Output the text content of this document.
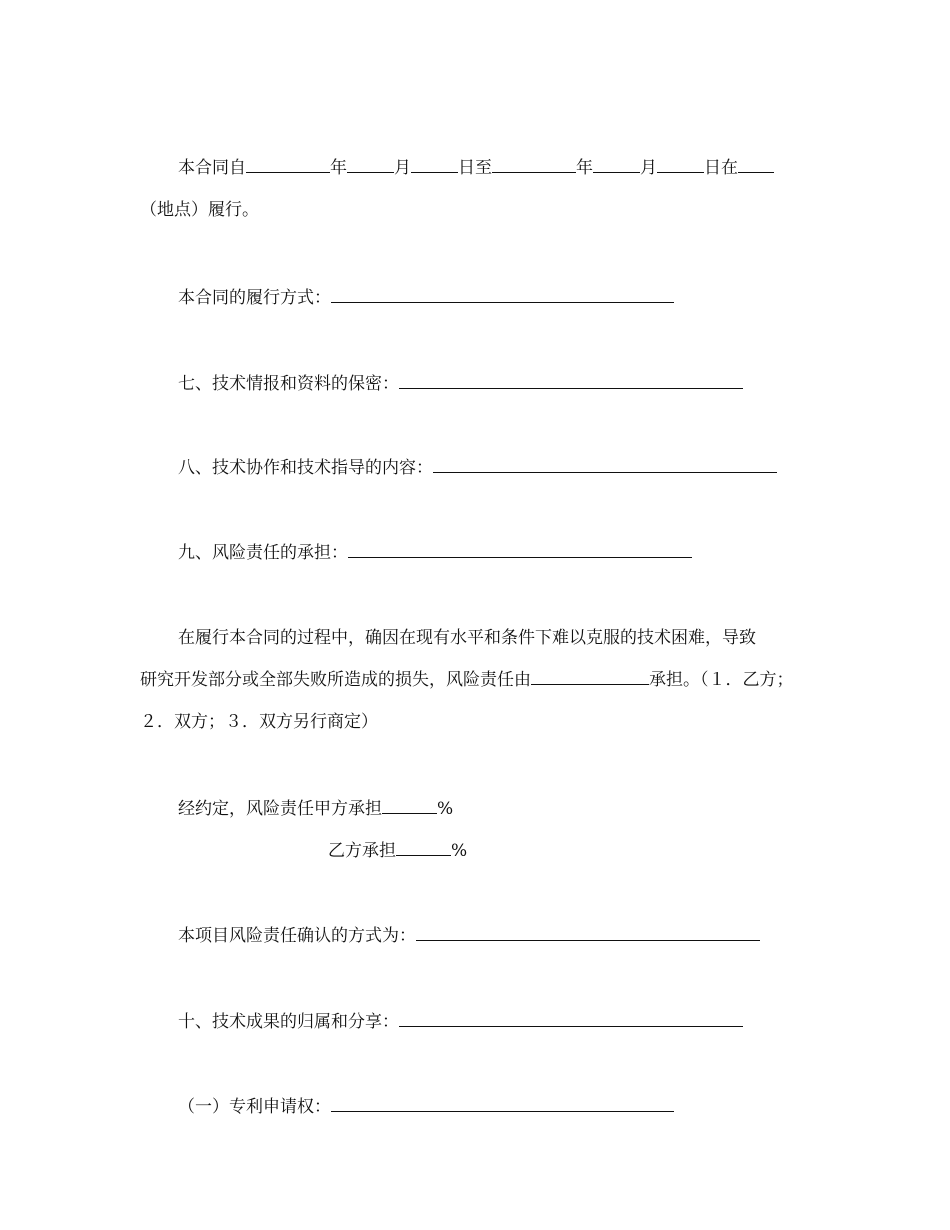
本合同自	年	月	日至	年	月	日在
（地点）履行。
本合同的履行方式：
七、技术情报和资料的保密：
八、技术协作和技术指导的内容：
九、风险责任的承担：
在履行本合同的过程中，确因在现有水平和条件下难以克服的技术困难，导致
研究开发部分或全部失败所造成的损失，风险责任由	承担。（１．乙方；
２．双方；３．双方另行商定）
经约定，风险责任甲方承担	%
乙方承担	%
本项目风险责任确认的方式为：
十、技术成果的归属和分享：
（一）专利申请权：
